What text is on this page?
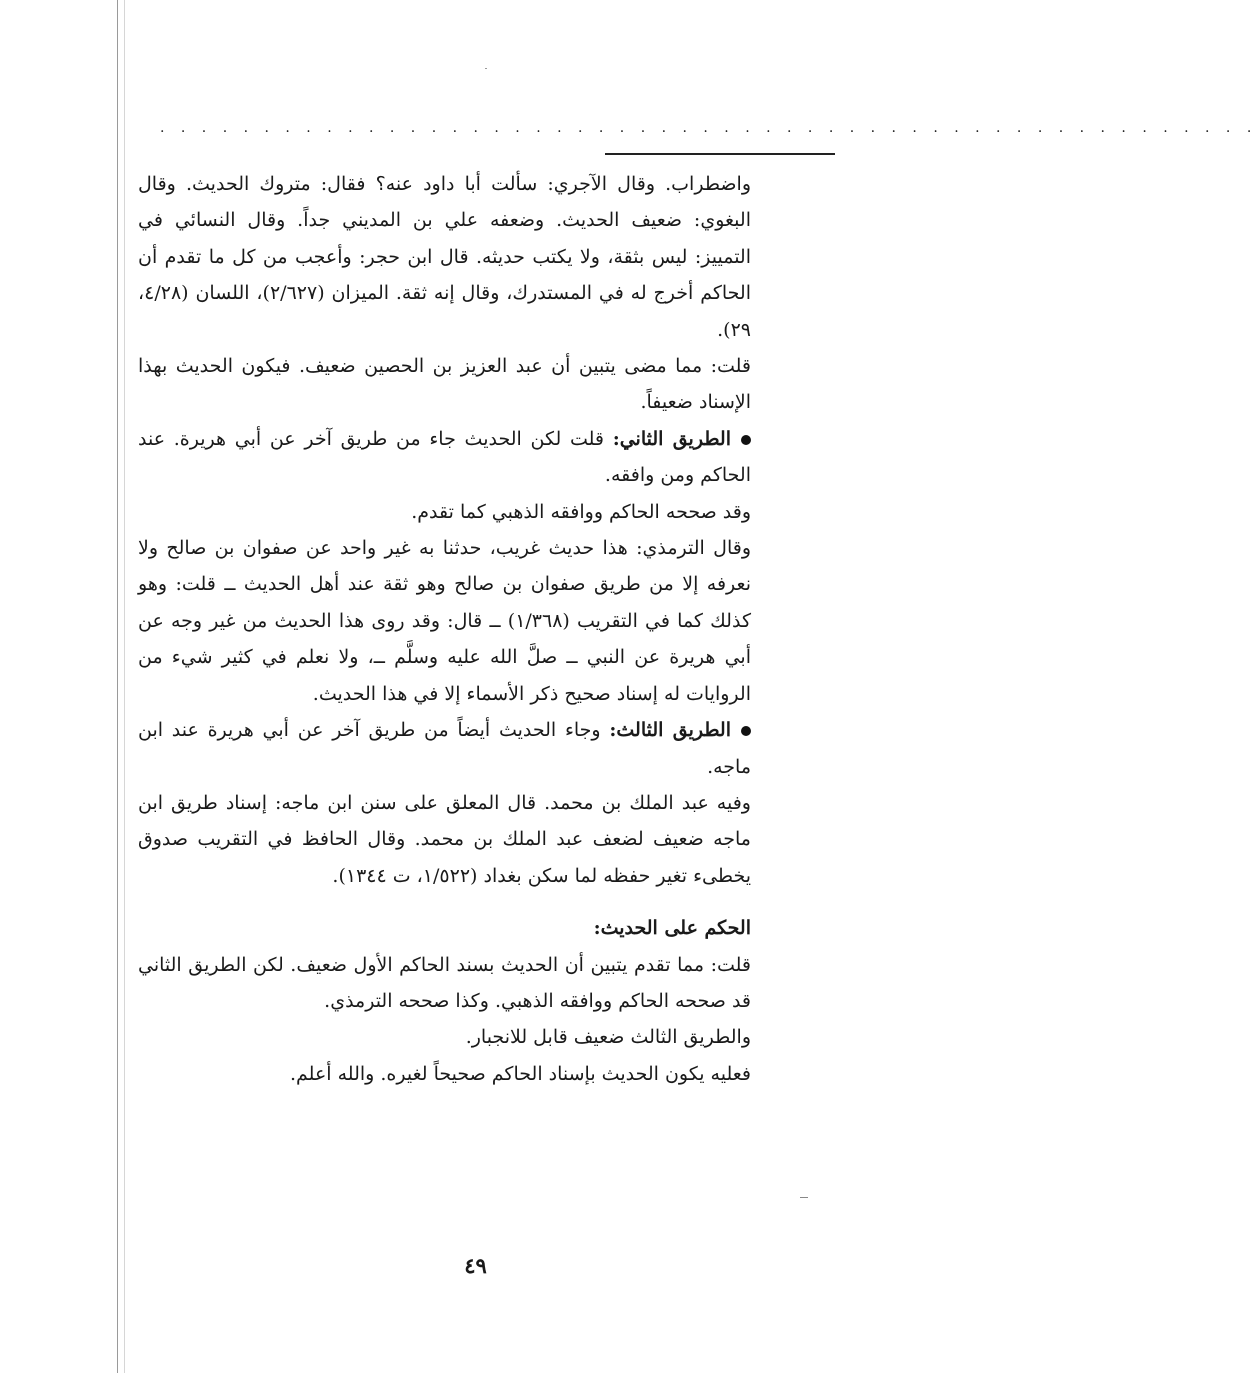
. . . . . . . . . . . . . . . . . . . . . . . . . . . . . . . . . . . . . . . . . . . . . . . . . . . . .

واضطراب. وقال الآجري: سألت أبا داود عنه؟ فقال: متروك الحديث. وقال البغوي: ضعيف الحديث. وضعفه علي بن المديني جداً. وقال النسائي في التمييز: ليس بثقة، ولا يكتب حديثه. قال ابن حجر: وأعجب من كل ما تقدم أن الحاكم أخرج له في المستدرك، وقال إنه ثقة. الميزان (٢/٦٢٧)، اللسان (٤/٢٨، ٢٩).

قلت: مما مضى يتبين أن عبد العزيز بن الحصين ضعيف. فيكون الحديث بهذا الإسناد ضعيفاً.

الطريق الثاني: قلت لكن الحديث جاء من طريق آخر عن أبي هريرة. عند الحاكم ومن وافقه.

وقد صححه الحاكم ووافقه الذهبي كما تقدم.

وقال الترمذي: هذا حديث غريب، حدثنا به غير واحد عن صفوان بن صالح ولا نعرفه إلا من طريق صفوان بن صالح وهو ثقة عند أهل الحديث ــ قلت: وهو كذلك كما في التقريب (١/٣٦٨) ــ قال: وقد روى هذا الحديث من غير وجه عن أبي هريرة عن النبي ــ صلَّ الله عليه وسلَّم ــ، ولا نعلم في كثير شيء من الروايات له إسناد صحيح ذكر الأسماء إلا في هذا الحديث.

الطريق الثالث: وجاء الحديث أيضاً من طريق آخر عن أبي هريرة عند ابن ماجه.

وفيه عبد الملك بن محمد. قال المعلق على سنن ابن ماجه: إسناد طريق ابن ماجه ضعيف لضعف عبد الملك بن محمد. وقال الحافظ في التقريب صدوق يخطىء تغير حفظه لما سكن بغداد (١/٥٢٢، ت ١٣٤٤).

الحكم على الحديث:

قلت: مما تقدم يتبين أن الحديث بسند الحاكم الأول ضعيف. لكن الطريق الثاني قد صححه الحاكم ووافقه الذهبي. وكذا صححه الترمذي.

والطريق الثالث ضعيف قابل للانجبار.

فعليه يكون الحديث بإسناد الحاكم صحيحاً لغيره. والله أعلم.

٤٩
